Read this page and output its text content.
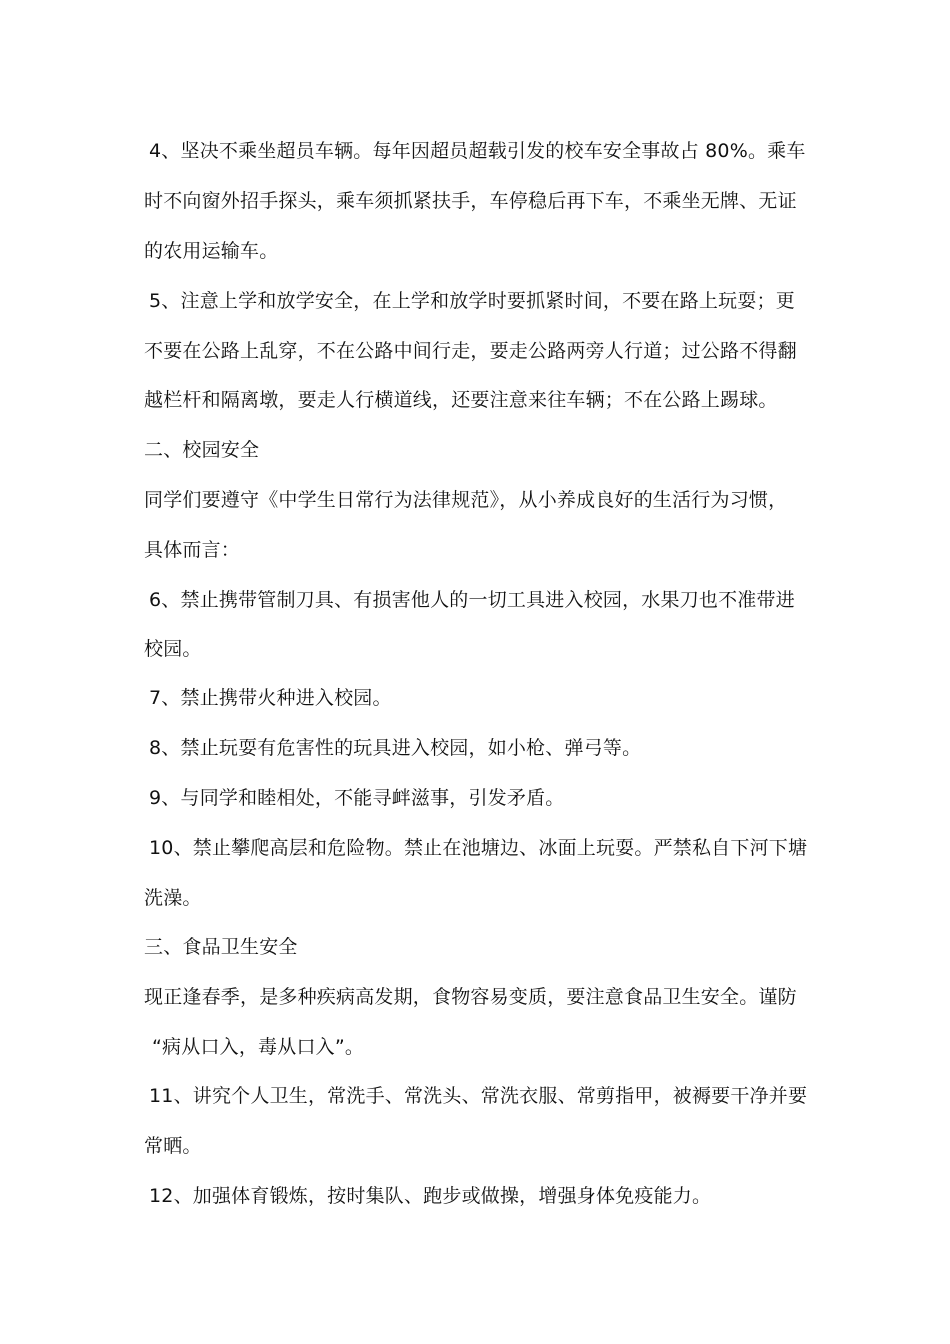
4、坚决不乘坐超员车辆。每年因超员超载引发的校车安全事故占 80%。乘车
时不向窗外招手探头，乘车须抓紧扶手，车停稳后再下车，不乘坐无牌、无证
的农用运输车。
5、注意上学和放学安全，在上学和放学时要抓紧时间，不要在路上玩耍；更
不要在公路上乱穿，不在公路中间行走，要走公路两旁人行道；过公路不得翻
越栏杆和隔离墩，要走人行横道线，还要注意来往车辆；不在公路上踢球。
二、校园安全
同学们要遵守《中学生日常行为法律规范》，从小养成良好的生活行为习惯，
具体而言：
6、禁止携带管制刀具、有损害他人的一切工具进入校园，水果刀也不准带进
校园。
7、禁止携带火种进入校园。
8、禁止玩耍有危害性的玩具进入校园，如小枪、弹弓等。
9、与同学和睦相处，不能寻衅滋事，引发矛盾。
10、禁止攀爬高层和危险物。禁止在池塘边、冰面上玩耍。严禁私自下河下塘
洗澡。
三、食品卫生安全
现正逢春季，是多种疾病高发期，食物容易变质，要注意食品卫生安全。谨防
“病从口入，毒从口入”。
11、讲究个人卫生，常洗手、常洗头、常洗衣服、常剪指甲，被褥要干净并要
常晒。
12、加强体育锻炼，按时集队、跑步或做操，增强身体免疫能力。
